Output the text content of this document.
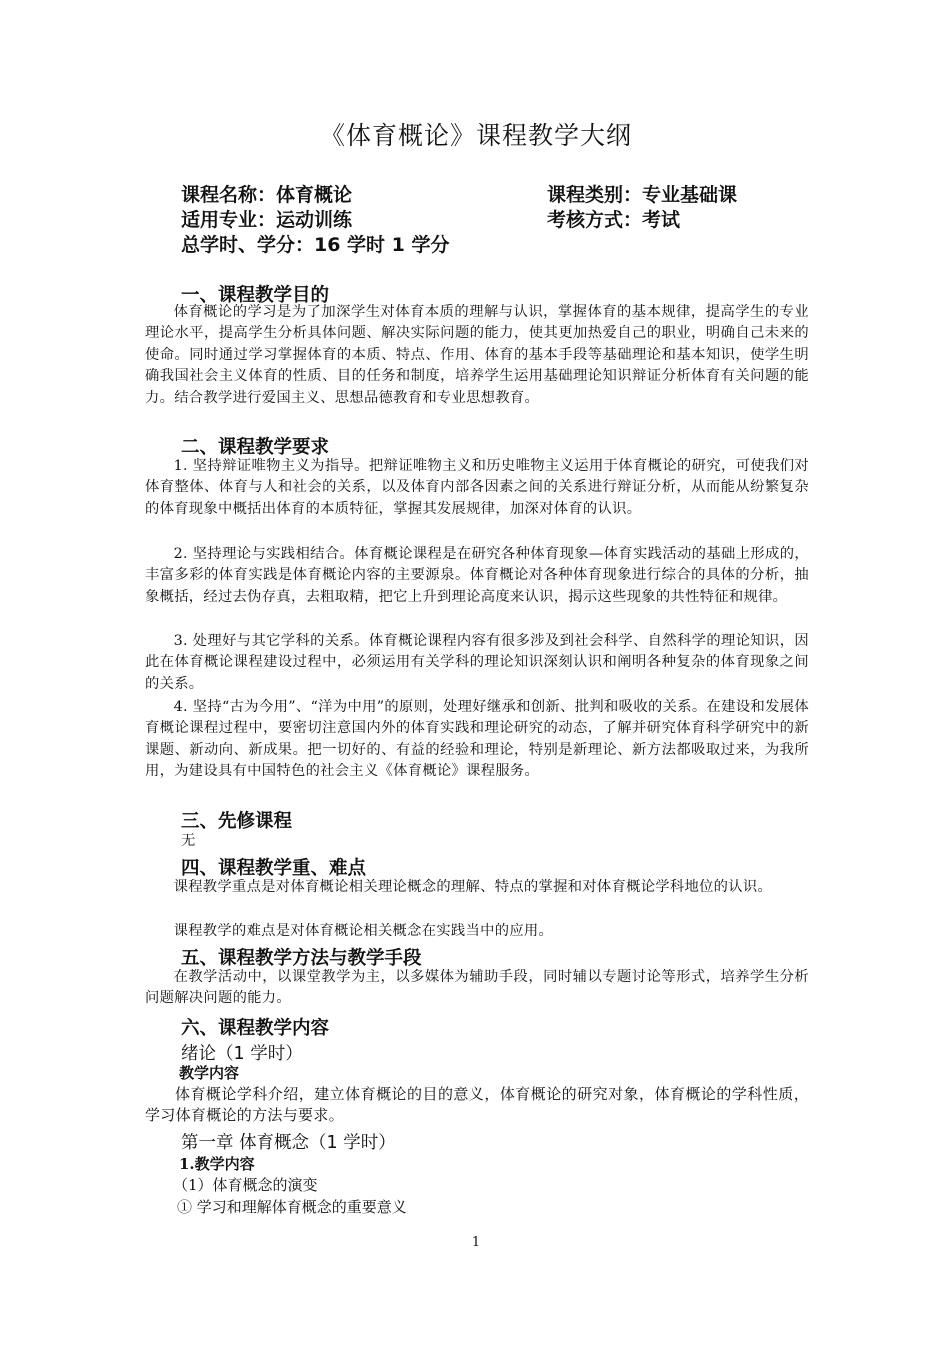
《体育概论》课程教学大纲
课程名称：体育概论	课程类别：专业基础课
适用专业：运动训练	考核方式：考试
总学时、学分：16 学时 1 学分
一、课程教学目的

体育概论的学习是为了加深学生对体育本质的理解与认识，掌握体育的基本规律，提高学生的专业理论水平，提高学生分析具体问题、解决实际问题的能力，使其更加热爱自己的职业，明确自己未来的使命。同时通过学习掌握体育的本质、特点、作用、体育的基本手段等基础理论和基本知识，使学生明确我国社会主义体育的性质、目的任务和制度，培养学生运用基础理论知识辩证分析体育有关问题的能力。结合教学进行爱国主义、思想品德教育和专业思想教育。

二、课程教学要求

1. 坚持辩证唯物主义为指导。把辩证唯物主义和历史唯物主义运用于体育概论的研究，可使我们对体育整体、体育与人和社会的关系，以及体育内部各因素之间的关系进行辩证分析，从而能从纷繁复杂的体育现象中概括出体育的本质特征，掌握其发展规律，加深对体育的认识。

2. 坚持理论与实践相结合。体育概论课程是在研究各种体育现象—体育实践活动的基础上形成的，丰富多彩的体育实践是体育概论内容的主要源泉。体育概论对各种体育现象进行综合的具体的分析，抽象概括，经过去伪存真，去粗取精，把它上升到理论高度来认识，揭示这些现象的共性特征和规律。

3. 处理好与其它学科的关系。体育概论课程内容有很多涉及到社会科学、自然科学的理论知识，因此在体育概论课程建设过程中，必须运用有关学科的理论知识深刻认识和阐明各种复杂的体育现象之间的关系。

4. 坚持“古为今用”、“洋为中用”的原则，处理好继承和创新、批判和吸收的关系。在建设和发展体育概论课程过程中，要密切注意国内外的体育实践和理论研究的动态，了解并研究体育科学研究中的新课题、新动向、新成果。把一切好的、有益的经验和理论，特别是新理论、新方法都吸取过来，为我所用，为建设具有中国特色的社会主义《体育概论》课程服务。

三、先修课程

无

四、课程教学重、难点

课程教学重点是对体育概论相关理论概念的理解、特点的掌握和对体育概论学科地位的认识。

课程教学的难点是对体育概论相关概念在实践当中的应用。

五、课程教学方法与教学手段

在教学活动中，以课堂教学为主，以多媒体为辅助手段，同时辅以专题讨论等形式，培养学生分析问题解决问题的能力。

六、课程教学内容
绪论（1 学时）
教学内容

体育概论学科介绍，建立体育概论的目的意义，体育概论的研究对象，体育概论的学科性质，学习体育概论的方法与要求。

第一章 体育概念（1 学时）
1.教学内容
（1）体育概念的演变
① 学习和理解体育概念的重要意义
1
